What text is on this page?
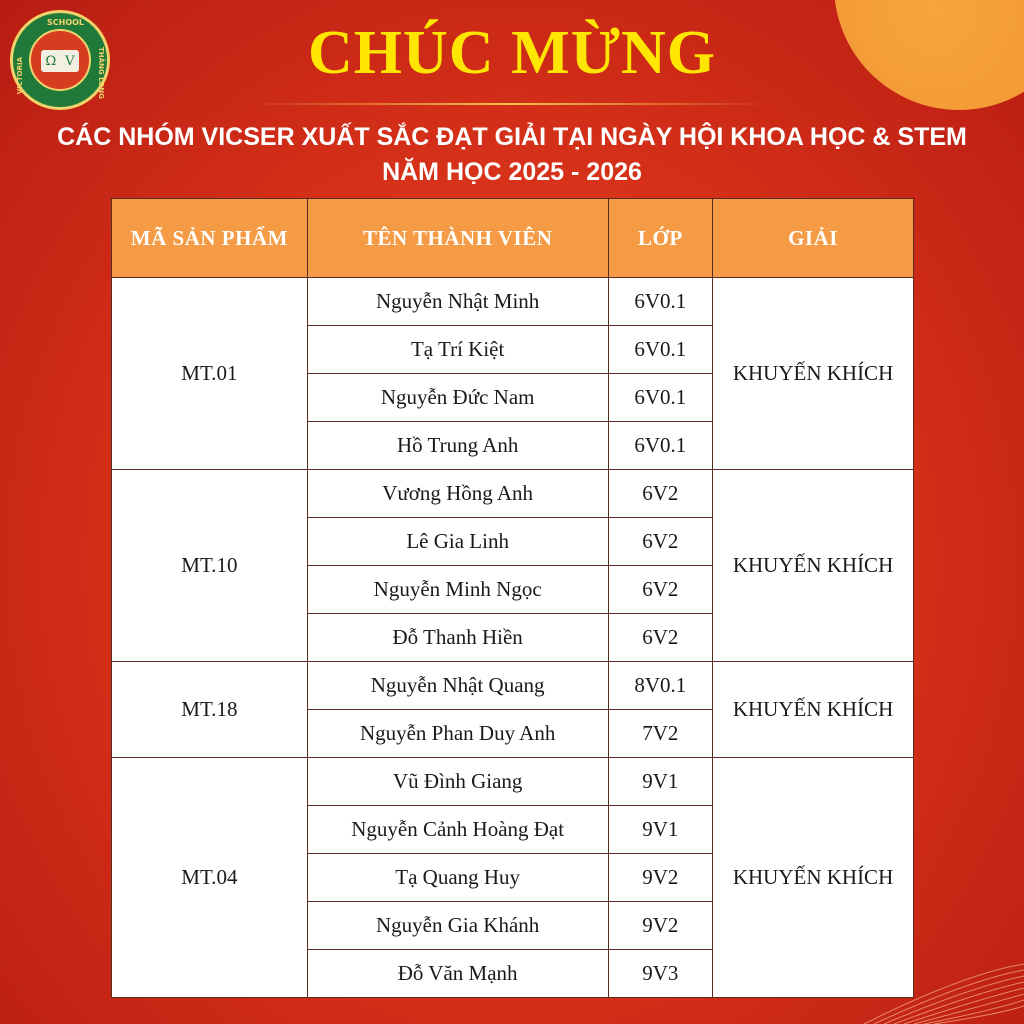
SCHOOL
VICTORIA	THĂNG LONG
Ω V	CHÚC MỪNG
CÁC NHÓM VICSER XUẤT SẮC ĐẠT GIẢI TẠI NGÀY HỘI KHOA HỌC & STEM
NĂM HỌC 2025 - 2026
MÃ SẢN PHẨM	TÊN THÀNH VIÊN	LỚP	GIẢI
MT.01	Nguyễn Nhật Minh	6V0.1	KHUYẾN KHÍCH
	Tạ Trí Kiệt	6V0.1	
	Nguyễn Đức Nam	6V0.1	
	Hồ Trung Anh	6V0.1	
MT.10	Vương Hồng Anh	6V2	KHUYẾN KHÍCH
	Lê Gia Linh	6V2	
	Nguyễn Minh Ngọc	6V2	
	Đỗ Thanh Hiền	6V2	
MT.18	Nguyễn Nhật Quang	8V0.1	KHUYẾN KHÍCH
	Nguyễn Phan Duy Anh	7V2	
MT.04	Vũ Đình Giang	9V1	KHUYẾN KHÍCH
	Nguyễn Cảnh Hoàng Đạt	9V1	
	Tạ Quang Huy	9V2	
	Nguyễn Gia Khánh	9V2	
	Đỗ Văn Mạnh	9V3	
